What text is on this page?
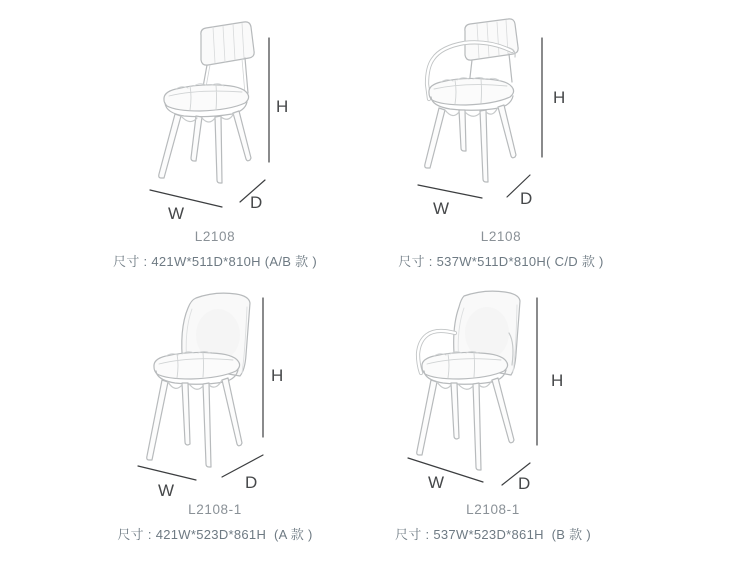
H
W
D
H
W
D
H
W	D
H
W	D
L2108
尺寸 : 421W*511D*810H (A/B 款 )
L2108
尺寸 : 537W*511D*810H( C/D 款 )
L2108-1
尺寸 : 421W*523D*861H  (A 款 )
L2108-1
尺寸 : 537W*523D*861H  (B 款 )
